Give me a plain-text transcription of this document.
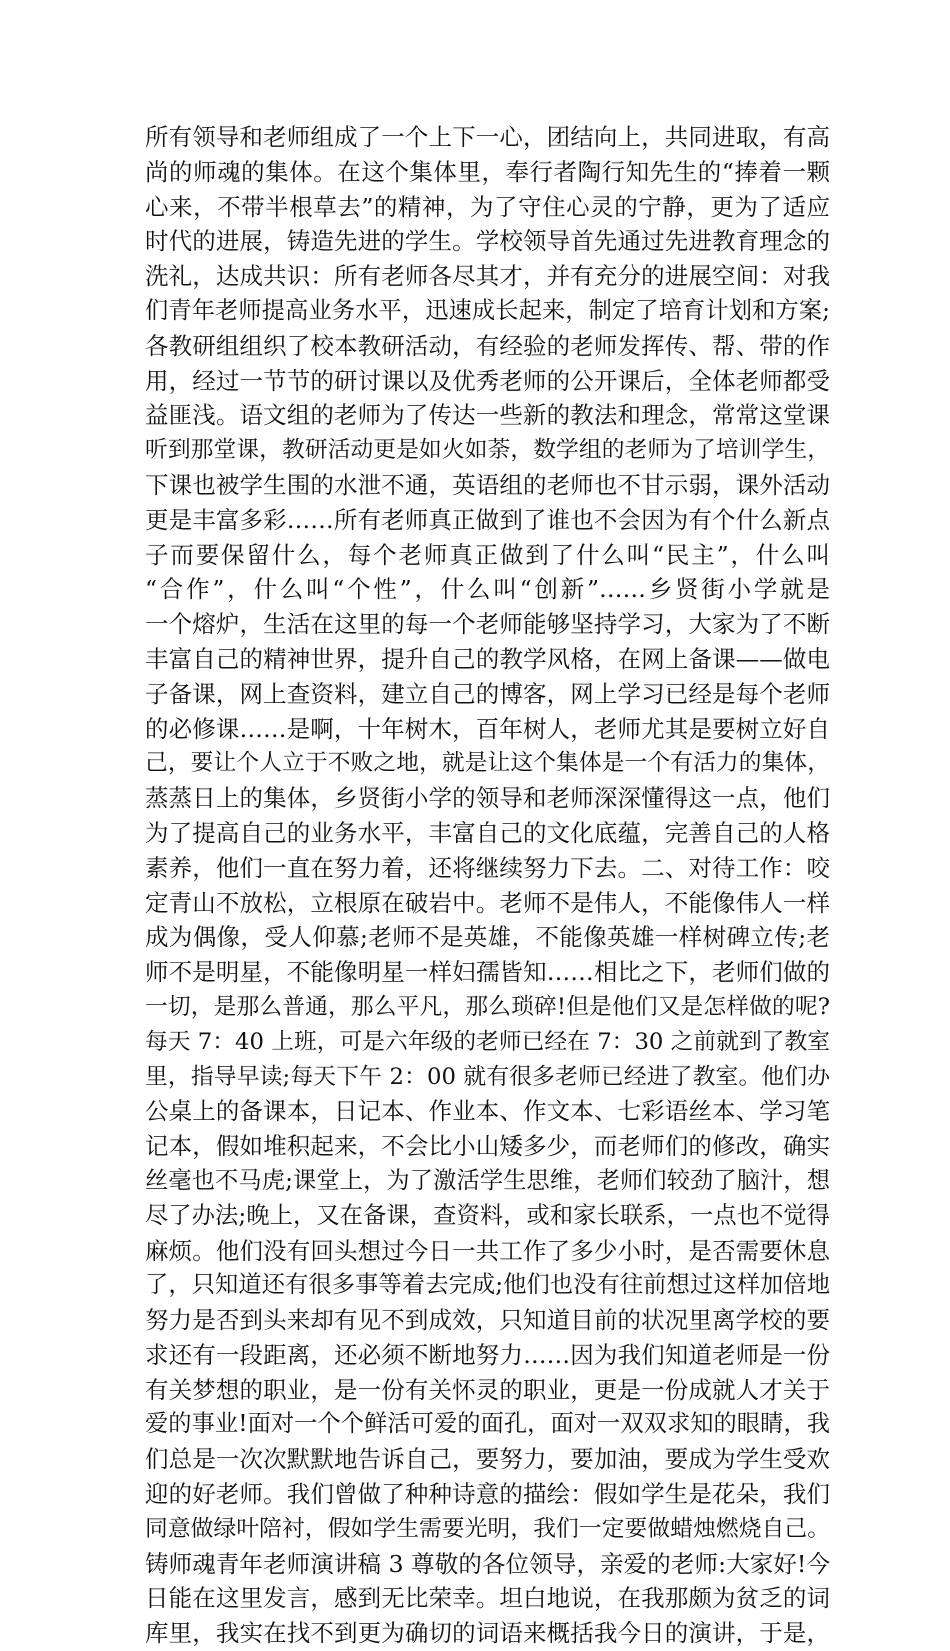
所有领导和老师组成了一个上下一心，团结向上，共同进取，有高
尚的师魂的集体。在这个集体里，奉行者陶行知先生的“捧着一颗
心来，不带半根草去”的精神，为了守住心灵的宁静，更为了适应
时代的进展，铸造先进的学生。学校领导首先通过先进教育理念的
洗礼，达成共识：所有老师各尽其才，并有充分的进展空间：对我
们青年老师提高业务水平，迅速成长起来，制定了培育计划和方案;
各教研组组织了校本教研活动，有经验的老师发挥传、帮、带的作
用，经过一节节的研讨课以及优秀老师的公开课后，全体老师都受
益匪浅。语文组的老师为了传达一些新的教法和理念，常常这堂课
听到那堂课，教研活动更是如火如荼，数学组的老师为了培训学生，
下课也被学生围的水泄不通，英语组的老师也不甘示弱，课外活动
更是丰富多彩……所有老师真正做到了谁也不会因为有个什么新点
子而要保留什么，每个老师真正做到了什么叫“民主”，什么叫
“合作”，什么叫“个性”，什么叫“创新”……乡贤街小学就是
一个熔炉，生活在这里的每一个老师能够坚持学习，大家为了不断
丰富自己的精神世界，提升自己的教学风格，在网上备课——做电
子备课，网上查资料，建立自己的博客，网上学习已经是每个老师
的必修课……是啊，十年树木，百年树人，老师尤其是要树立好自
己，要让个人立于不败之地，就是让这个集体是一个有活力的集体，
蒸蒸日上的集体，乡贤街小学的领导和老师深深懂得这一点，他们
为了提高自己的业务水平，丰富自己的文化底蕴，完善自己的人格
素养，他们一直在努力着，还将继续努力下去。二、对待工作：咬
定青山不放松，立根原在破岩中。老师不是伟人，不能像伟人一样
成为偶像，受人仰慕;老师不是英雄，不能像英雄一样树碑立传;老
师不是明星，不能像明星一样妇孺皆知……相比之下，老师们做的
一切，是那么普通，那么平凡，那么琐碎!但是他们又是怎样做的呢?
每天 7：40 上班，可是六年级的老师已经在 7：30 之前就到了教室
里，指导早读;每天下午 2：00 就有很多老师已经进了教室。他们办
公桌上的备课本，日记本、作业本、作文本、七彩语丝本、学习笔
记本，假如堆积起来，不会比小山矮多少，而老师们的修改，确实
丝毫也不马虎;课堂上，为了激活学生思维，老师们较劲了脑汁，想
尽了办法;晚上，又在备课，查资料，或和家长联系，一点也不觉得
麻烦。他们没有回头想过今日一共工作了多少小时，是否需要休息
了，只知道还有很多事等着去完成;他们也没有往前想过这样加倍地
努力是否到头来却有见不到成效，只知道目前的状况里离学校的要
求还有一段距离，还必须不断地努力……因为我们知道老师是一份
有关梦想的职业，是一份有关怀灵的职业，更是一份成就人才关于
爱的事业!面对一个个鲜活可爱的面孔，面对一双双求知的眼睛，我
们总是一次次默默地告诉自己，要努力，要加油，要成为学生受欢
迎的好老师。我们曾做了种种诗意的描绘：假如学生是花朵，我们
同意做绿叶陪衬，假如学生需要光明，我们一定要做蜡烛燃烧自己。
铸师魂青年老师演讲稿 3 尊敬的各位领导，亲爱的老师:大家好!今
日能在这里发言，感到无比荣幸。坦白地说，在我那颇为贫乏的词
库里，我实在找不到更为确切的词语来概括我今日的演讲，于是，
